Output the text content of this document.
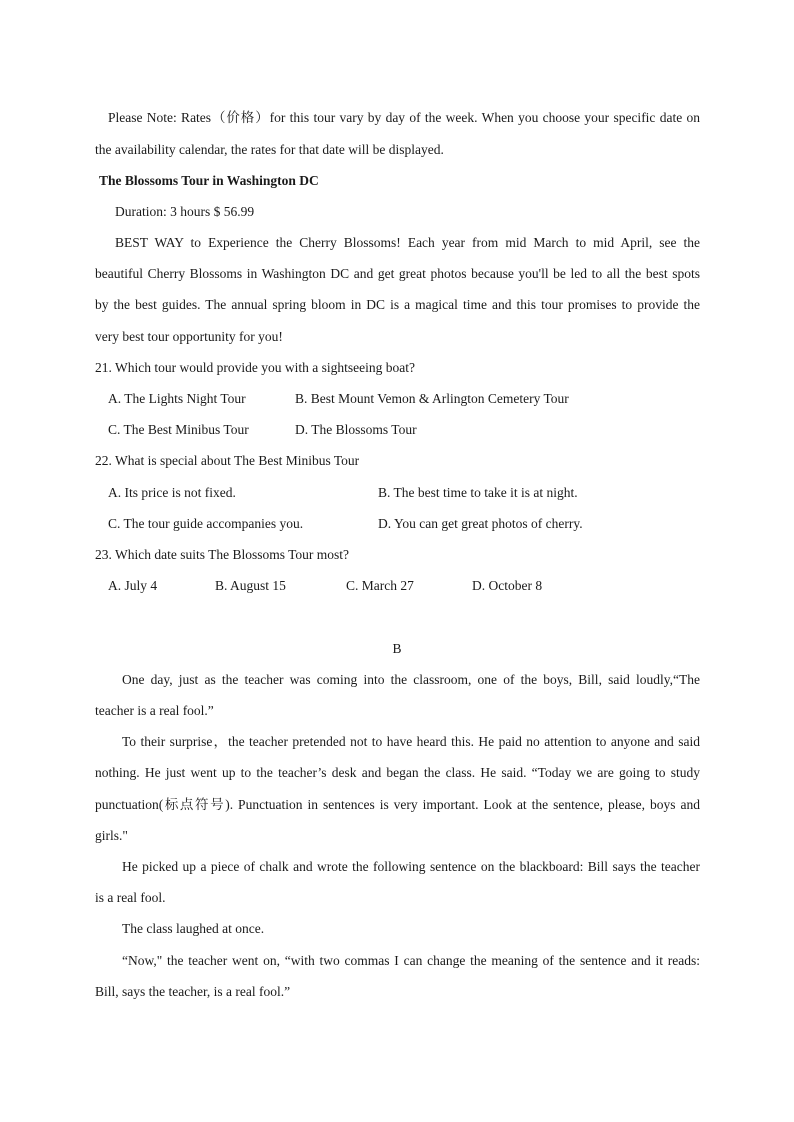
Please Note: Rates（价格）for this tour vary by day of the week. When you choose your specific date on
the availability calendar, the rates for that date will be displayed.
The Blossoms Tour in Washington DC
Duration: 3 hours $ 56.99
BEST WAY to Experience the Cherry Blossoms! Each year from mid March to mid April, see the
beautiful Cherry Blossoms in Washington DC and get great photos because you'll be led to all the best spots
by the best guides. The annual spring bloom in DC is a magical time and this tour promises to provide the
very best tour opportunity for you!
21. Which tour would provide you with a sightseeing boat?
A. The Lights Night Tour	B. Best Mount Vemon & Arlington Cemetery Tour
C. The Best Minibus Tour	D. The Blossoms Tour
22. What is special about The Best Minibus Tour
A. Its price is not fixed.	B. The best time to take it is at night.
C. The tour guide accompanies you.	D. You can get great photos of cherry.
23. Which date suits The Blossoms Tour most?
A. July 4	B. August 15	C. March 27	D. October 8
B
One day, just as the teacher was coming into the classroom, one of the boys, Bill, said loudly,“The
teacher is a real fool.”
To their surprise，the teacher pretended not to have heard this. He paid no attention to anyone and said
nothing. He just went up to the teacher’s desk and began the class. He said. “Today we are going to study
punctuation(标点符号). Punctuation in sentences is very important. Look at the sentence, please, boys and
girls."
He picked up a piece of chalk and wrote the following sentence on the blackboard: Bill says the teacher
is a real fool.
The class laughed at once.
“Now," the teacher went on, “with two commas I can change the meaning of the sentence and it reads:
Bill, says the teacher, is a real fool.”
